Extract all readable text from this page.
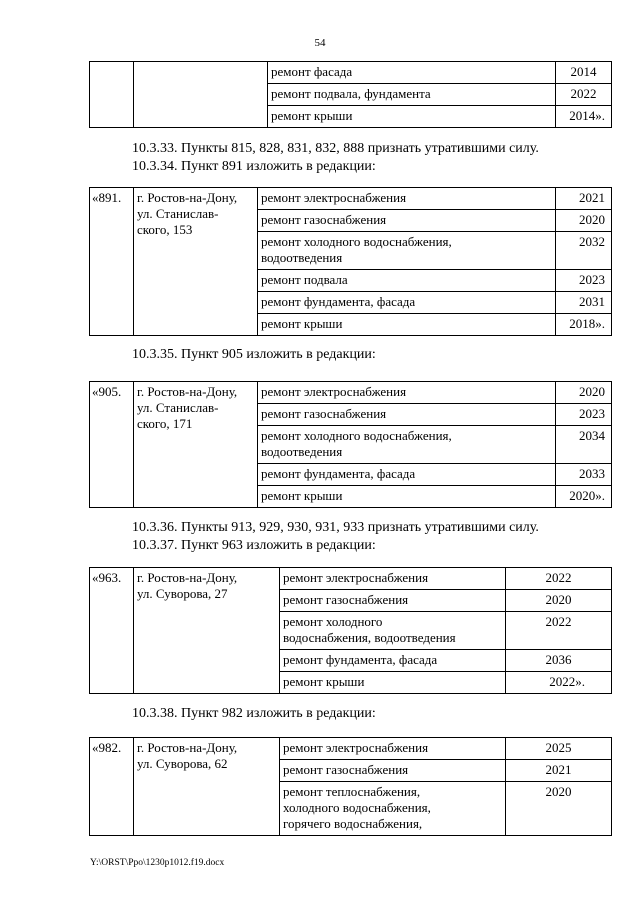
54
		ремонт фасада	2014
		ремонт подвала, фундамента	2022
		ремонт крыши	2014».
10.3.33. Пункты 815, 828, 831, 832, 888 признать утратившими силу.
10.3.34. Пункт 891 изложить в редакции:
«891.	г. Ростов-на-Дону,
ул. Станислав-
ского, 153	ремонт электроснабжения	2021
		ремонт газоснабжения	2020

		ремонт холодного водоснабжения,
водоотведения	2032
		ремонт подвала	2023
		ремонт фундамента, фасада	2031
		ремонт крыши	2018».
10.3.35. Пункт 905 изложить в редакции:
«905.	г. Ростов-на-Дону,
ул. Станислав-
ского, 171	ремонт электроснабжения	2020
		ремонт газоснабжения	2023

		ремонт холодного водоснабжения,
водоотведения	2034
		ремонт фундамента, фасада	2033
		ремонт крыши	2020».
10.3.36. Пункты 913, 929, 930, 931, 933 признать утратившими силу.
10.3.37. Пункт 963 изложить в редакции:
«963.	г. Ростов-на-Дону,
ул. Суворова, 27	ремонт электроснабжения	2022
		ремонт газоснабжения	2020

		ремонт холодного
водоснабжения, водоотведения	2022
		ремонт фундамента, фасада	2036
		ремонт крыши	2022».
10.3.38. Пункт 982 изложить в редакции:
«982.	г. Ростов-на-Дону,
ул. Суворова, 62	ремонт электроснабжения	2025
		ремонт газоснабжения	2021

		ремонт теплоснабжения,
холодного водоснабжения,
горячего водоснабжения,	2020
Y:\ORST\Ppo\1230p1012.f19.docx
